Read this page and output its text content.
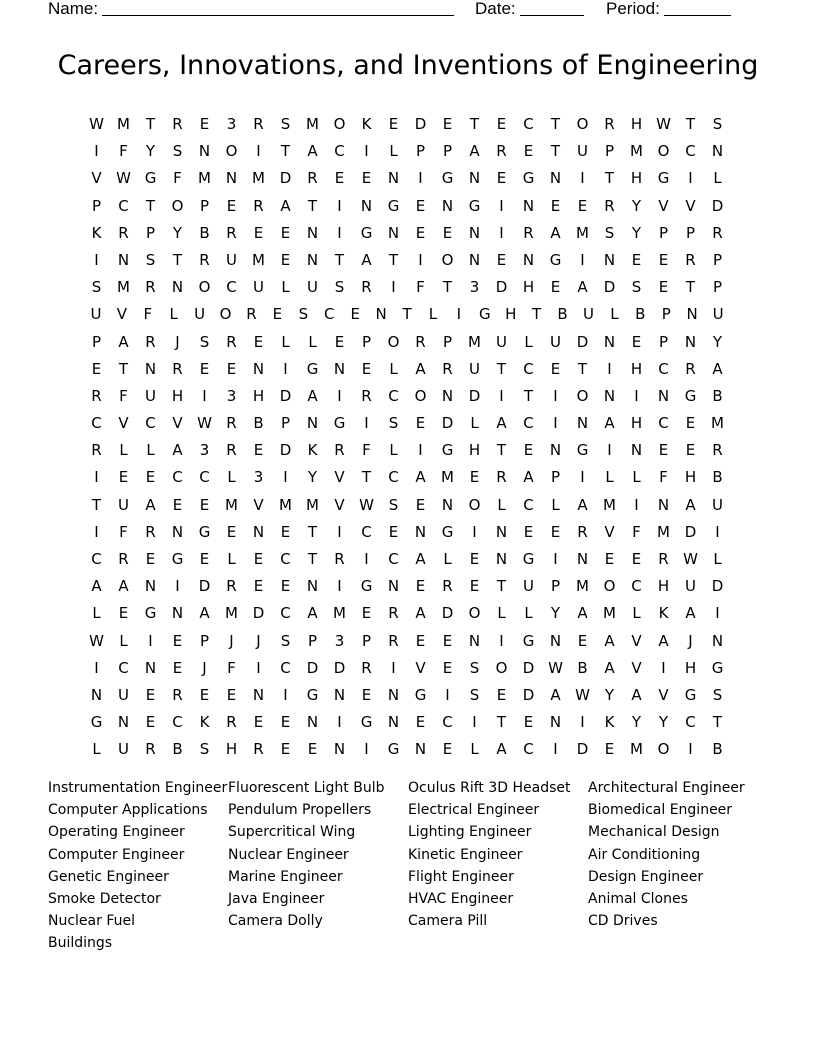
Name:	Date:	Period:
Careers, Innovations, and Inventions of Engineering
W M	T	R	E	3	R	S	M O	K	E	D	E	T	E	C	T	O	R	H W T	S
I	F	Y	S	N	O	I	T	A	C	I	L	P	P	A	R	E	T	U	P	M O	C	N
V W G	F	M N M D	R	E	E	N	I	G	N	E	G	N	I	T	H	G	I	L
P	C	T	O	P	E	R	A	T	I	N	G	E	N	G	I	N	E	E	R	Y	V	V	D
K	R	P	Y	B	R	E	E	N	I	G	N	E	E	N	I	R	A	M	S	Y	P	P	R
I	N	S	T	R	U	M	E	N	T	A	T	I	O	N	E	N	G	I	N	E	E	R	P
S	M	R	N	O	C	U	L	U	S	R	I	F	T	3	D	H	E	A	D	S	E	T	P
U	V	F	L	U O R	E	S	C	E	N	T	L	I	G H	T	B	U	L	B	P	N U
P	A	R	J	S	R	E	L	L	E	P	O	R	P	M	U	L	U	D	N	E	P	N	Y
E	T	N	R	E	E	N	I	G	N	E	L	A	R	U	T	C	E	T	I	H	C	R	A
R	F	U	H	I	3	H	D	A	I	R	C	O	N	D	I	T	I	O	N	I	N	G	B
C	V	C	V W R	B	P	N	G	I	S	E	D	L	A	C	I	N	A	H	C	E	M
R	L	L	A	3	R	E	D	K	R	F	L	I	G	H	T	E	N	G	I	N	E	E	R
I	E	E	C	C	L	3	I	Y	V	T	C	A	M	E	R	A	P	I	L	L	F	H	B
T	U	A	E	E	M	V	M M	V W S	E	N	O	L	C	L	A	M	I	N	A	U
I	F	R	N	G	E	N	E	T	I	C	E	N	G	I	N	E	E	R	V	F	M D	I
C	R	E	G	E	L	E	C	T	R	I	C	A	L	E	N	G	I	N	E	E	R W	L
A	A	N	I	D	R	E	E	N	I	G	N	E	R	E	T	U	P	M O	C	H	U	D
L	E	G	N	A	M D	C	A	M	E	R	A	D	O	L	L	Y	A	M	L	K	A	I
W	L	I	E	P	J	J	S	P	3	P	R	E	E	N	I	G	N	E	A	V	A	J	N
I	C	N	E	J	F	I	C	D	D	R	I	V	E	S	O	D W B	A	V	I	H	G
N	U	E	R	E	E	N	I	G	N	E	N	G	I	S	E	D	A W Y	A	V	G	S
G	N	E	C	K	R	E	E	N	I	G	N	E	C	I	T	E	N	I	K	Y	Y	C	T
L	U	R	B	S	H	R	E	E	N	I	G	N	E	L	A	C	I	D	E	M O	I	B
Instrumentation Engineer
Computer Applications
Operating Engineer
Computer Engineer
Genetic Engineer
Smoke Detector
Nuclear Fuel
Buildings
Fluorescent Light Bulb
Pendulum Propellers
Supercritical Wing
Nuclear Engineer
Marine Engineer
Java Engineer
Camera Dolly
Oculus Rift 3D Headset
Electrical Engineer
Lighting Engineer
Kinetic Engineer
Flight Engineer
HVAC Engineer
Camera Pill
Architectural Engineer
Biomedical Engineer
Mechanical Design
Air Conditioning
Design Engineer
Animal Clones
CD Drives
